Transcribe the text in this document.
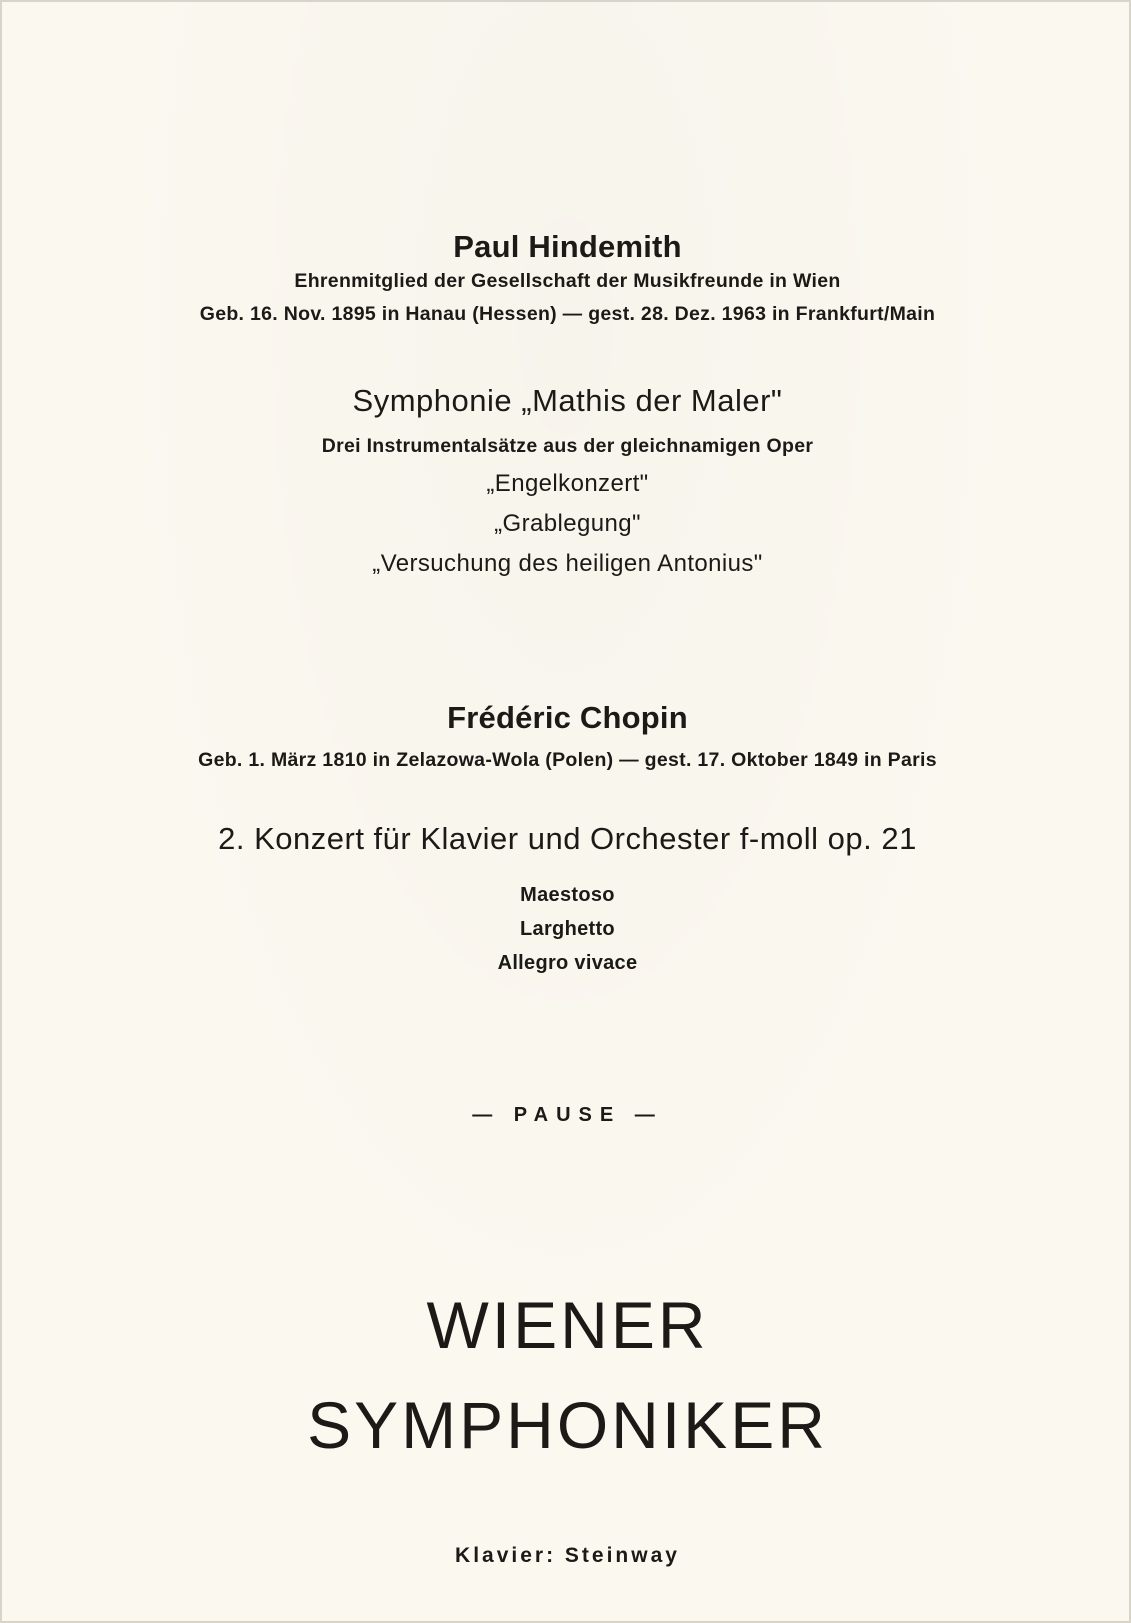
Paul Hindemith
Ehrenmitglied der Gesellschaft der Musikfreunde in Wien
Geb. 16. Nov. 1895 in Hanau (Hessen) — gest. 28. Dez. 1963 in Frankfurt/Main
Symphonie „Mathis der Maler"
Drei Instrumentalsätze aus der gleichnamigen Oper
„Engelkonzert"
„Grablegung"
„Versuchung des heiligen Antonius"
Frédéric Chopin
Geb. 1. März 1810 in Zelazowa-Wola (Polen) — gest. 17. Oktober 1849 in Paris
2. Konzert für Klavier und Orchester f-moll op. 21
Maestoso
Larghetto
Allegro vivace
— PAUSE —
WIENER
SYMPHONIKER
Klavier: Steinway
